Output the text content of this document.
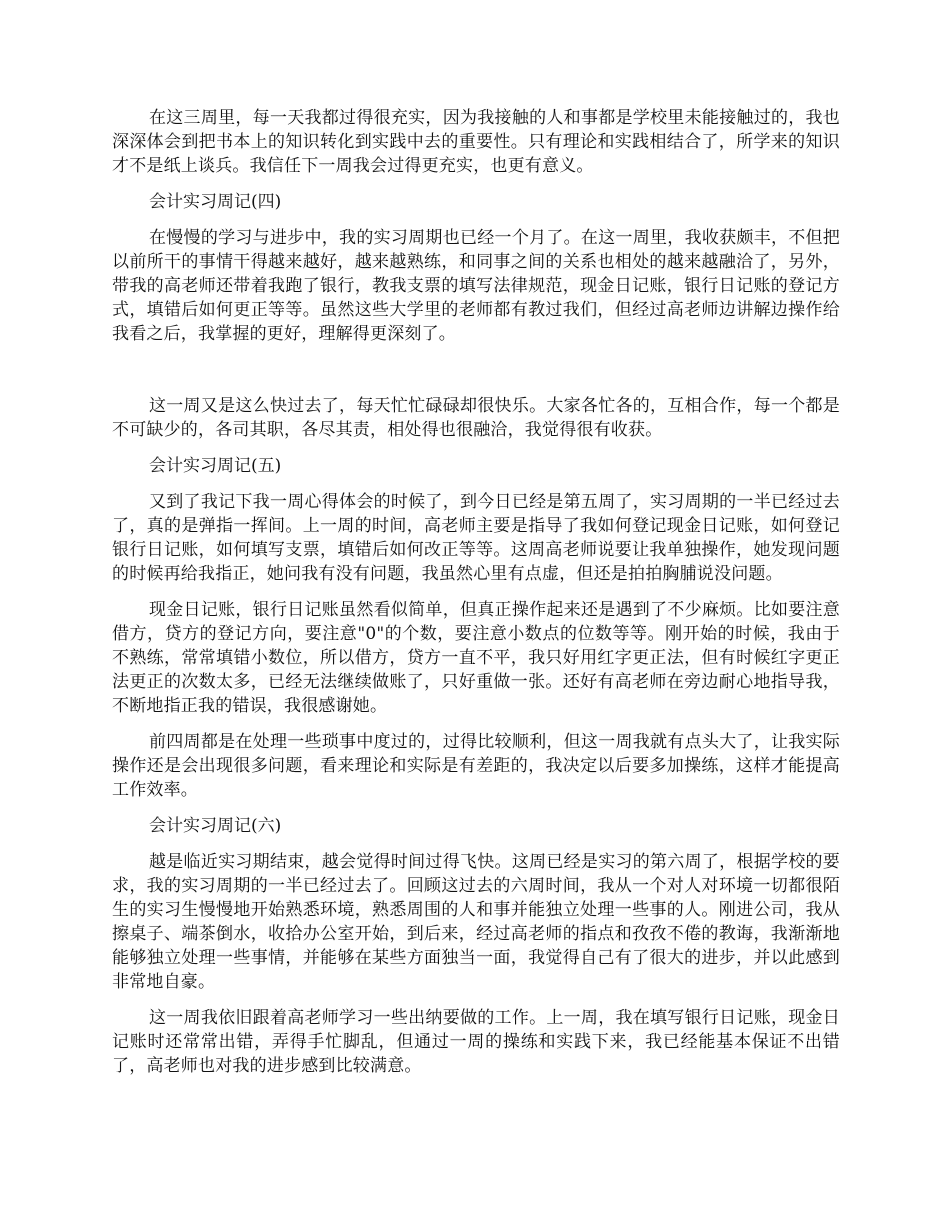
在这三周里，每一天我都过得很充实，因为我接触的人和事都是学校里未能接触过的，我也深深体会到把书本上的知识转化到实践中去的重要性。只有理论和实践相结合了，所学来的知识才不是纸上谈兵。我信任下一周我会过得更充实，也更有意义。

会计实习周记(四)

在慢慢的学习与进步中，我的实习周期也已经一个月了。在这一周里，我收获颇丰，不但把以前所干的事情干得越来越好，越来越熟练，和同事之间的关系也相处的越来越融洽了，另外，带我的高老师还带着我跑了银行，教我支票的填写法律规范，现金日记账，银行日记账的登记方式，填错后如何更正等等。虽然这些大学里的老师都有教过我们，但经过高老师边讲解边操作给我看之后，我掌握的更好，理解得更深刻了。

这一周又是这么快过去了，每天忙忙碌碌却很快乐。大家各忙各的，互相合作，每一个都是不可缺少的，各司其职，各尽其责，相处得也很融洽，我觉得很有收获。

会计实习周记(五)

又到了我记下我一周心得体会的时候了，到今日已经是第五周了，实习周期的一半已经过去了，真的是弹指一挥间。上一周的时间，高老师主要是指导了我如何登记现金日记账，如何登记银行日记账，如何填写支票，填错后如何改正等等。这周高老师说要让我单独操作，她发现问题的时候再给我指正，她问我有没有问题，我虽然心里有点虚，但还是拍拍胸脯说没问题。

现金日记账，银行日记账虽然看似简单，但真正操作起来还是遇到了不少麻烦。比如要注意借方，贷方的登记方向，要注意"0"的个数，要注意小数点的位数等等。刚开始的时候，我由于不熟练，常常填错小数位，所以借方，贷方一直不平，我只好用红字更正法，但有时候红字更正法更正的次数太多，已经无法继续做账了，只好重做一张。还好有高老师在旁边耐心地指导我，不断地指正我的错误，我很感谢她。

前四周都是在处理一些琐事中度过的，过得比较顺利，但这一周我就有点头大了，让我实际操作还是会出现很多问题，看来理论和实际是有差距的，我决定以后要多加操练，这样才能提高工作效率。

会计实习周记(六)

越是临近实习期结束，越会觉得时间过得飞快。这周已经是实习的第六周了，根据学校的要求，我的实习周期的一半已经过去了。回顾这过去的六周时间，我从一个对人对环境一切都很陌生的实习生慢慢地开始熟悉环境，熟悉周围的人和事并能独立处理一些事的人。刚进公司，我从擦桌子、端茶倒水，收拾办公室开始，到后来，经过高老师的指点和孜孜不倦的教诲，我渐渐地能够独立处理一些事情，并能够在某些方面独当一面，我觉得自己有了很大的进步，并以此感到非常地自豪。

这一周我依旧跟着高老师学习一些出纳要做的工作。上一周，我在填写银行日记账，现金日记账时还常常出错，弄得手忙脚乱，但通过一周的操练和实践下来，我已经能基本保证不出错了，高老师也对我的进步感到比较满意。
